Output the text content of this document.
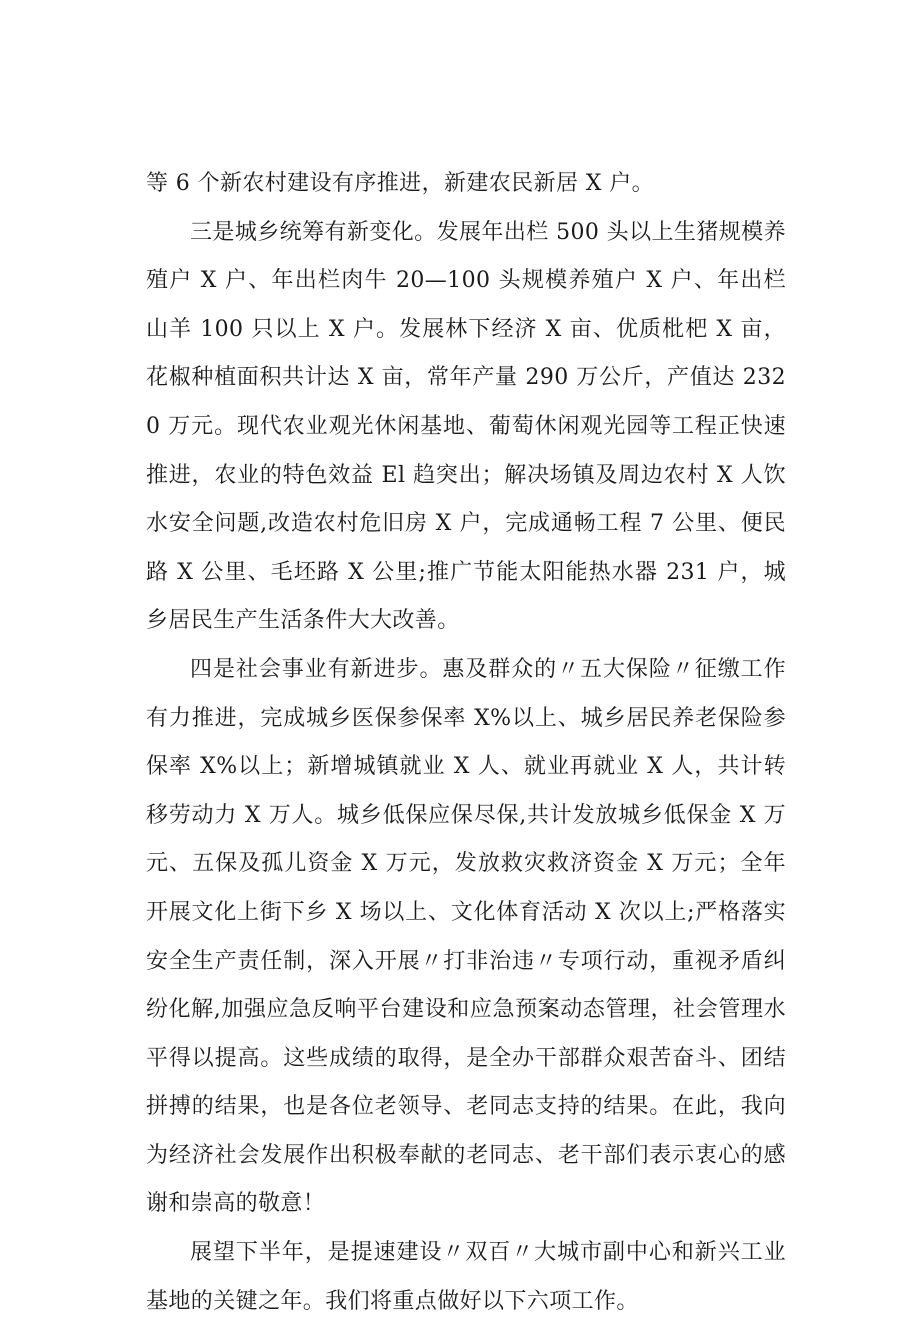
等 6 个新农村建设有序推进，新建农民新居 X 户。

三是城乡统筹有新变化。发展年出栏 500 头以上生猪规模养殖户 X 户、年出栏肉牛 20—100 头规模养殖户 X 户、年出栏山羊 100 只以上 X 户。发展林下经济 X 亩、优质枇杷 X 亩，花椒种植面积共计达 X 亩，常年产量 290 万公斤，产值达 2320 万元。现代农业观光休闲基地、葡萄休闲观光园等工程正快速推进，农业的特色效益 El 趋突出；解决场镇及周边农村 X 人饮水安全问题,改造农村危旧房 X 户，完成通畅工程 7 公里、便民路 X 公里、毛坯路 X 公里;推广节能太阳能热水器 231 户，城乡居民生产生活条件大大改善。

四是社会事业有新进步。惠及群众的〃五大保险〃征缴工作有力推进，完成城乡医保参保率 X%以上、城乡居民养老保险参保率 X%以上；新增城镇就业 X 人、就业再就业 X 人，共计转移劳动力 X 万人。城乡低保应保尽保,共计发放城乡低保金 X 万元、五保及孤儿资金 X 万元，发放救灾救济资金 X 万元；全年开展文化上街下乡 X 场以上、文化体育活动 X 次以上;严格落实安全生产责任制，深入开展〃打非治违〃专项行动，重视矛盾纠纷化解,加强应急反响平台建设和应急预案动态管理，社会管理水平得以提高。这些成绩的取得，是全办干部群众艰苦奋斗、团结拼搏的结果，也是各位老领导、老同志支持的结果。在此，我向为经济社会发展作出积极奉献的老同志、老干部们表示衷心的感谢和崇高的敬意！

展望下半年，是提速建设〃双百〃大城市副中心和新兴工业基地的关键之年。我们将重点做好以下六项工作。
